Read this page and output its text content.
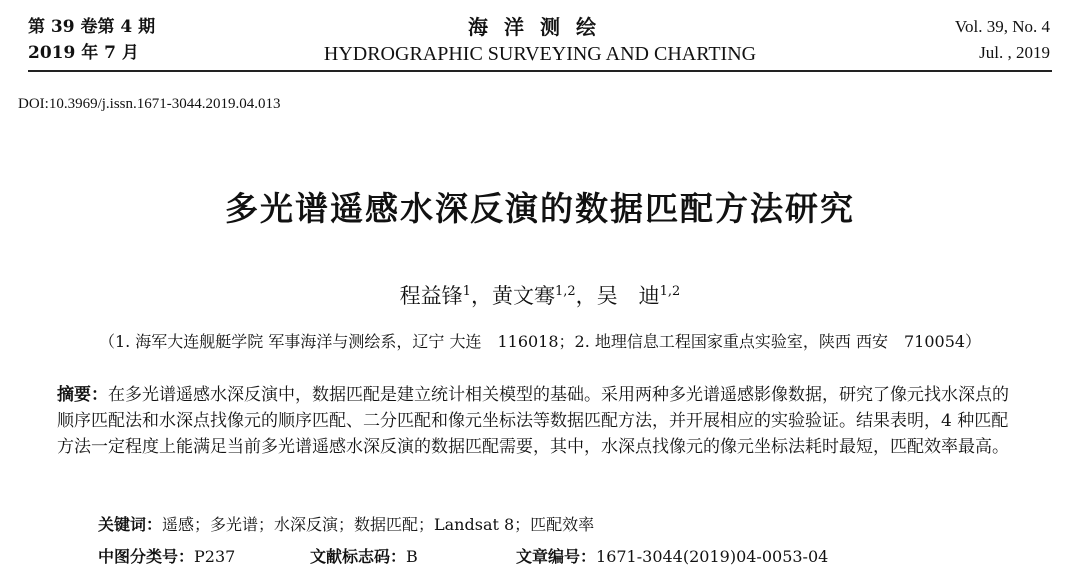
第 39 卷第 4 期
2019 年 7 月
海洋测绘
HYDROGRAPHIC SURVEYING AND CHARTING
Vol. 39, No. 4
Jul. , 2019
DOI:10.3969/j.issn.1671-3044.2019.04.013
多光谱遥感水深反演的数据匹配方法研究
程益锋$^1$，黄文骞$^{1,2}$，吴　迪$^{1,2}$
（1. 海军大连舰艇学院 军事海洋与测绘系，辽宁 大连　116018；2. 地理信息工程国家重点实验室，陕西 西安　710054）
摘要：在多光谱遥感水深反演中，数据匹配是建立统计相关模型的基础。采用两种多光谱遥感影像数据，研究了像元找水深点的顺序匹配法和水深点找像元的顺序匹配、二分匹配和像元坐标法等数据匹配方法，并开展相应的实验验证。结果表明，4 种匹配方法一定程度上能满足当前多光谱遥感水深反演的数据匹配需要，其中，水深点找像元的像元坐标法耗时最短，匹配效率最高。
关键词：遥感；多光谱；水深反演；数据匹配；Landsat 8；匹配效率
中图分类号：P237	文献标志码：B	文章编号：1671-3044(2019)04-0053-04
